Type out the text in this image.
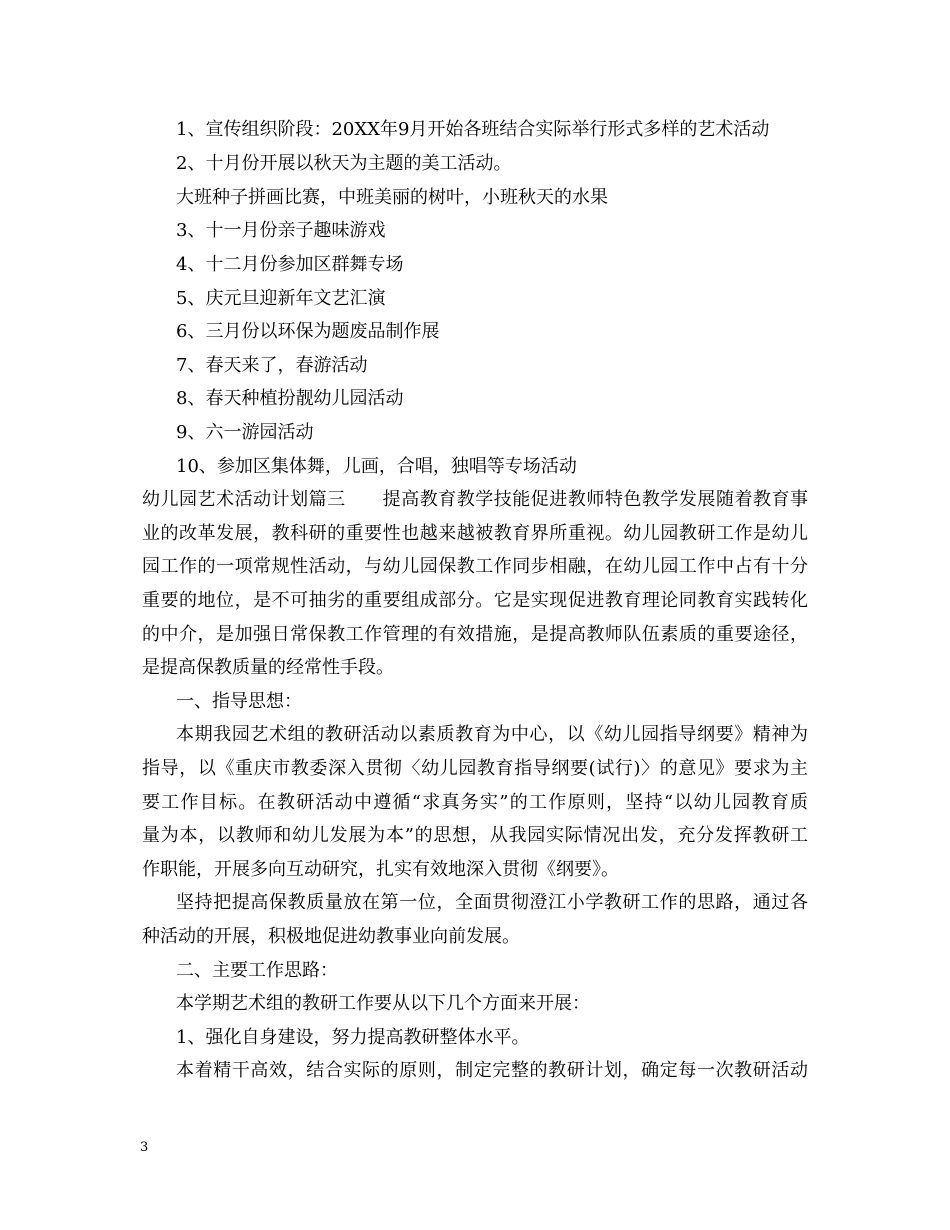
1、宣传组织阶段：20XX年9月开始各班结合实际举行形式多样的艺术活动
2、十月份开展以秋天为主题的美工活动。
大班种子拼画比赛，中班美丽的树叶，小班秋天的水果
3、十一月份亲子趣味游戏
4、十二月份参加区群舞专场
5、庆元旦迎新年文艺汇演
6、三月份以环保为题废品制作展
7、春天来了，春游活动
8、春天种植扮靓幼儿园活动
9、六一游园活动
10、参加区集体舞，儿画，合唱，独唱等专场活动
幼儿园艺术活动计划篇三　　提高教育教学技能促进教师特色教学发展随着教育事
业的改革发展，教科研的重要性也越来越被教育界所重视。幼儿园教研工作是幼儿
园工作的一项常规性活动，与幼儿园保教工作同步相融，在幼儿园工作中占有十分
重要的地位，是不可抽劣的重要组成部分。它是实现促进教育理论同教育实践转化
的中介，是加强日常保教工作管理的有效措施，是提高教师队伍素质的重要途径，
是提高保教质量的经常性手段。
一、指导思想：
本期我园艺术组的教研活动以素质教育为中心，以《幼儿园指导纲要》精神为
指导，以《重庆市教委深入贯彻〈幼儿园教育指导纲要(试行)〉的意见》要求为主
要工作目标。在教研活动中遵循“求真务实”的工作原则，坚持“以幼儿园教育质
量为本，以教师和幼儿发展为本”的思想，从我园实际情况出发，充分发挥教研工
作职能，开展多向互动研究，扎实有效地深入贯彻《纲要》。
坚持把提高保教质量放在第一位，全面贯彻澄江小学教研工作的思路，通过各
种活动的开展，积极地促进幼教事业向前发展。
二、主要工作思路：
本学期艺术组的教研工作要从以下几个方面来开展：
1、强化自身建设，努力提高教研整体水平。
本着精干高效，结合实际的原则，制定完整的教研计划，确定每一次教研活动
3
